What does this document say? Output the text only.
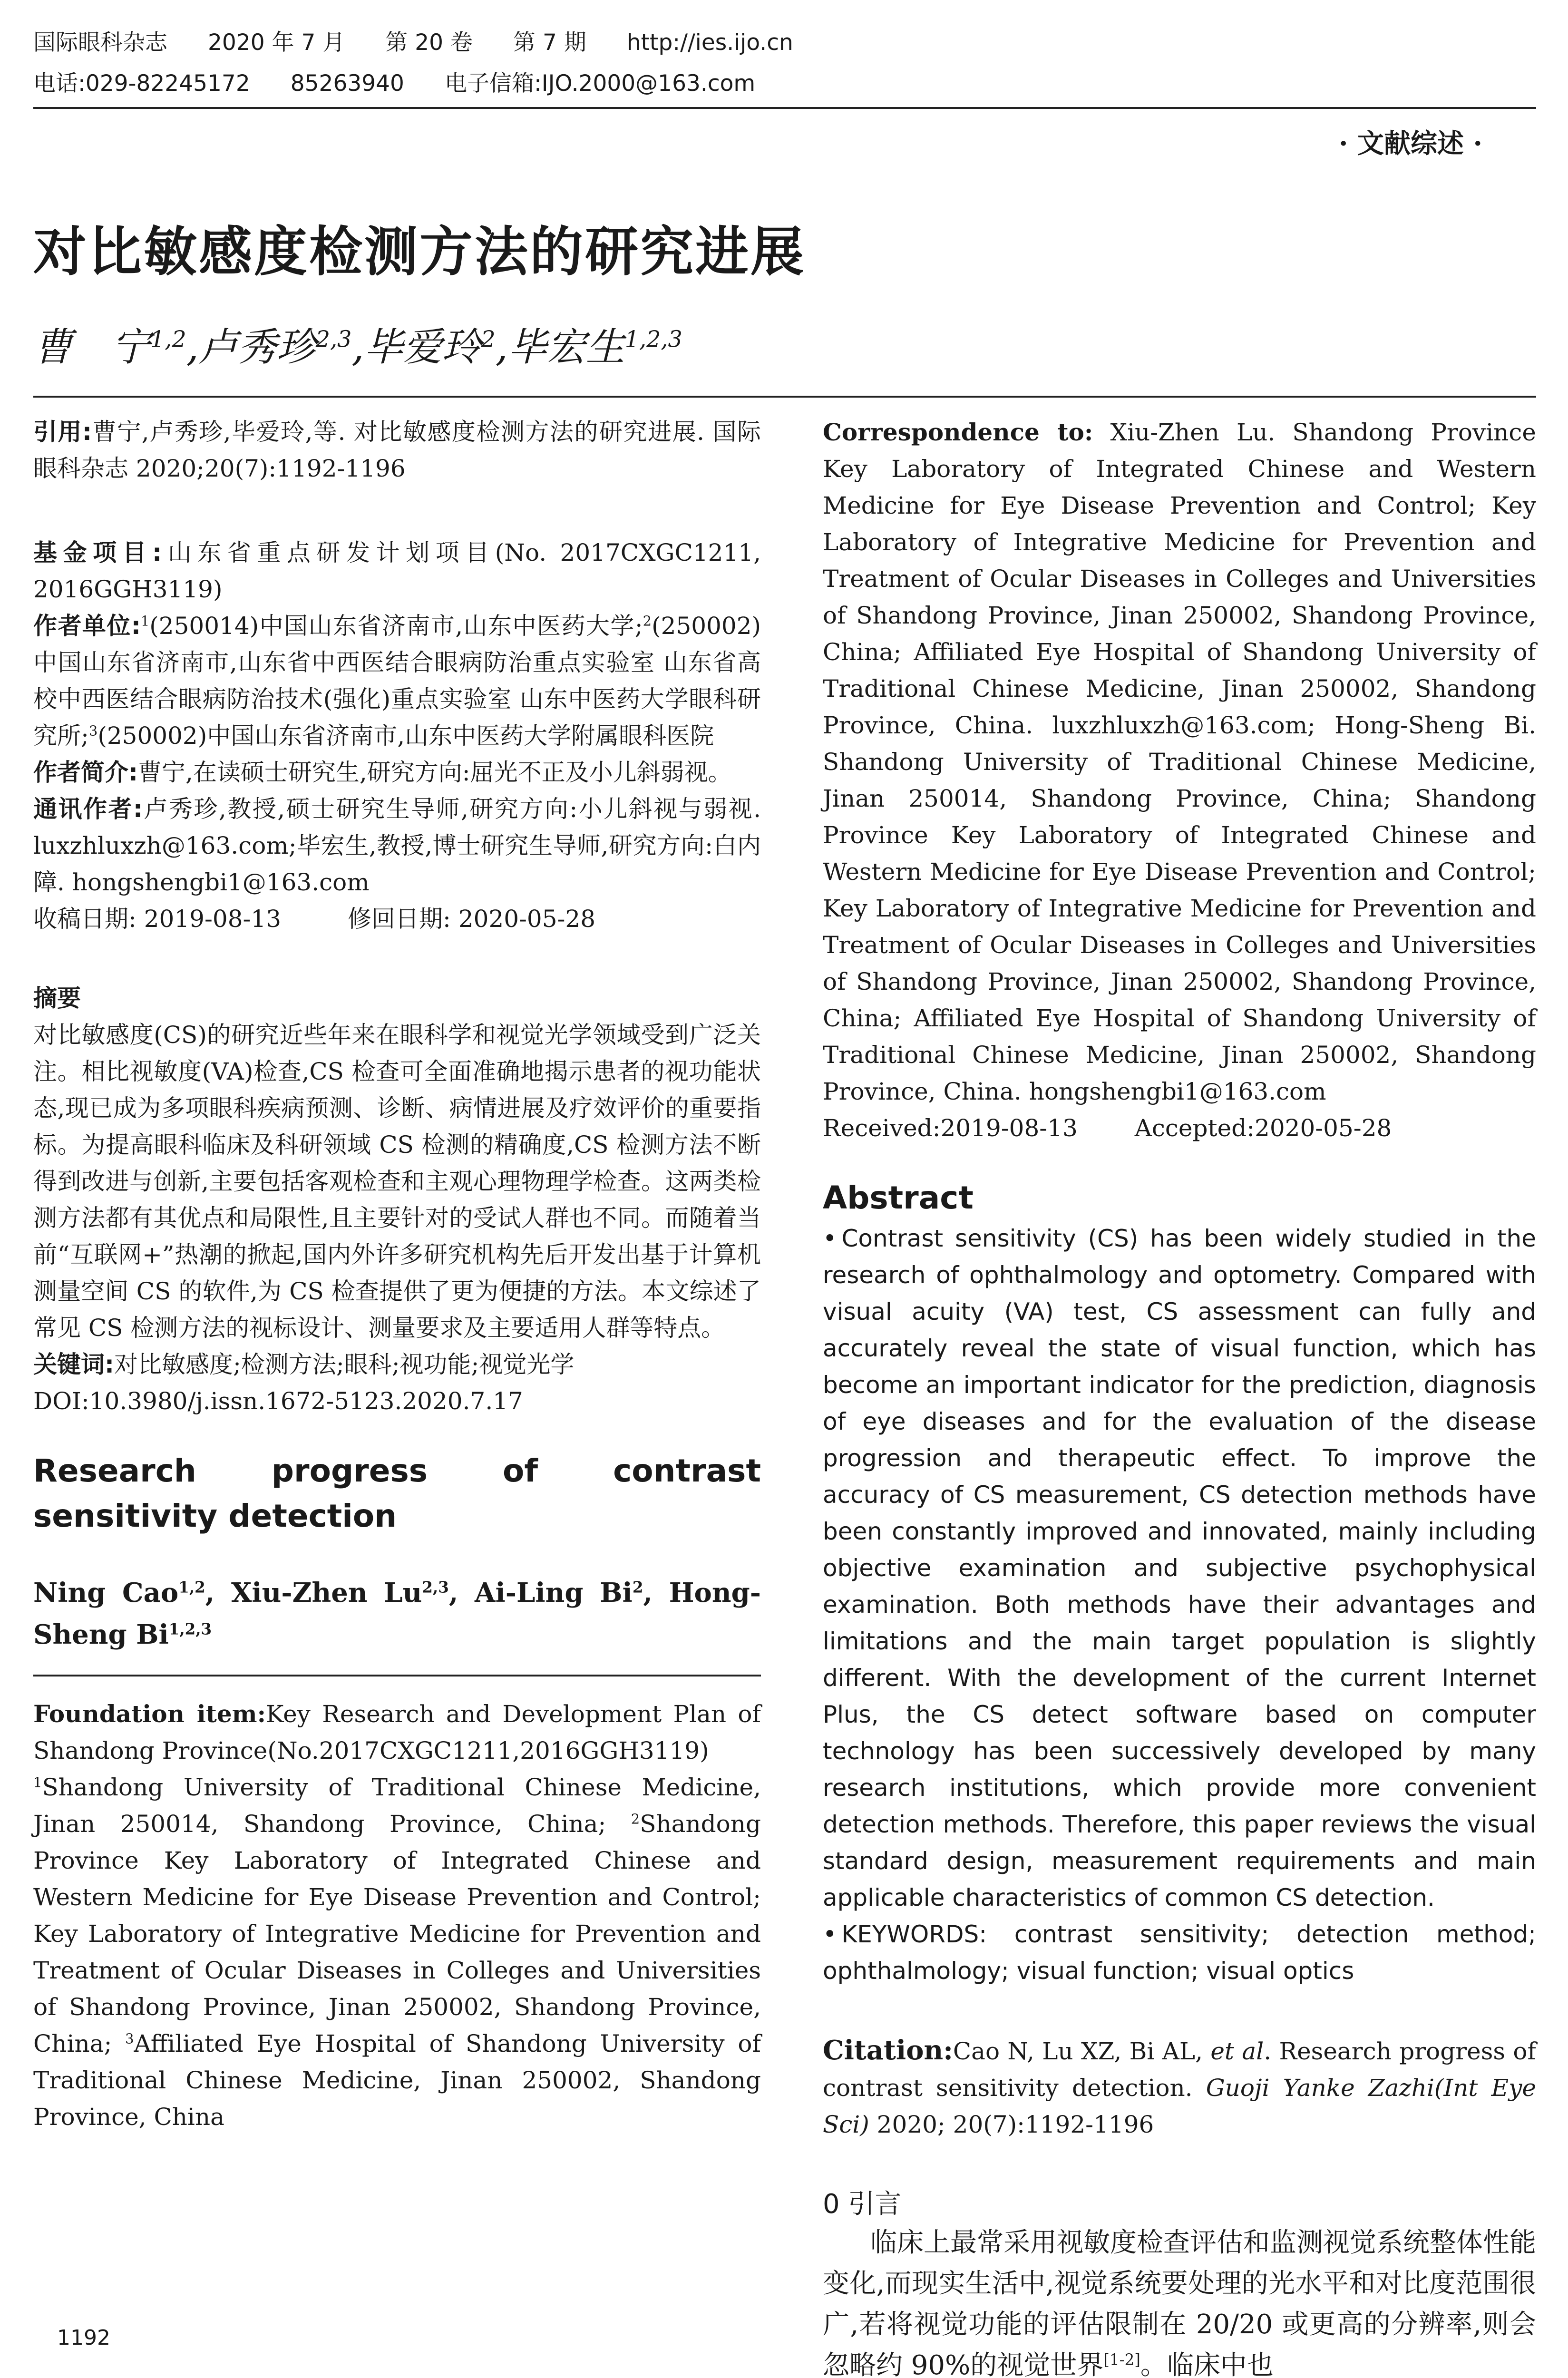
国际眼科杂志 2020 年 7 月 第 20 卷 第 7 期 http://ies.ijo.cn
电话:029-82245172 85263940 电子信箱:IJO.2000@163.com
· 文献综述 ·
对比敏感度检测方法的研究进展
曹　宁$^{1,2}$,卢秀珍$^{2,3}$,毕爱玲$^2$,毕宏生$^{1,2,3}$

引用:曹宁,卢秀珍,毕爱玲,等. 对比敏感度检测方法的研究进展. 国际眼科杂志 2020;20(7):1192-1196

基金项目:山东省重点研发计划项目(No. 2017CXGC1211, 2016GGH3119)

作者单位:$^1$(250014)中国山东省济南市,山东中医药大学;$^2$(250002)中国山东省济南市,山东省中西医结合眼病防治重点实验室 山东省高校中西医结合眼病防治技术(强化)重点实验室 山东中医药大学眼科研究所;$^3$(250002)中国山东省济南市,山东中医药大学附属眼科医院

作者简介:曹宁,在读硕士研究生,研究方向:屈光不正及小儿斜弱视。

通讯作者:卢秀珍,教授,硕士研究生导师,研究方向:小儿斜视与弱视. luxzhluxzh@163.com;毕宏生,教授,博士研究生导师,研究方向:白内障. hongshengbi1@163.com

收稿日期: 2019-08-13	修回日期: 2020-05-28

摘要

对比敏感度(CS)的研究近些年来在眼科学和视觉光学领域受到广泛关注。相比视敏度(VA)检查,CS 检查可全面准确地揭示患者的视功能状态,现已成为多项眼科疾病预测、诊断、病情进展及疗效评价的重要指标。为提高眼科临床及科研领域 CS 检测的精确度,CS 检测方法不断得到改进与创新,主要包括客观检查和主观心理物理学检查。这两类检测方法都有其优点和局限性,且主要针对的受试人群也不同。而随着当前“互联网+”热潮的掀起,国内外许多研究机构先后开发出基于计算机测量空间 CS 的软件,为 CS 检查提供了更为便捷的方法。本文综述了常见 CS 检测方法的视标设计、测量要求及主要适用人群等特点。

关键词:对比敏感度;检测方法;眼科;视功能;视觉光学

DOI:10.3980/j.issn.1672-5123.2020.7.17

Research progress of contrast sensitivity detection

Ning Cao$^{1,2}$, Xiu-Zhen Lu$^{2,3}$, Ai-Ling Bi$^2$, Hong-Sheng Bi$^{1,2,3}$

Foundation item:Key Research and Development Plan of Shandong Province(No.2017CXGC1211,2016GGH3119)

$^1$Shandong University of Traditional Chinese Medicine, Jinan 250014, Shandong Province, China; $^2$Shandong Province Key Laboratory of Integrated Chinese and Western Medicine for Eye Disease Prevention and Control; Key Laboratory of Integrative Medicine for Prevention and Treatment of Ocular Diseases in Colleges and Universities of Shandong Province, Jinan 250002, Shandong Province, China; $^3$Affiliated Eye Hospital of Shandong University of Traditional Chinese Medicine, Jinan 250002, Shandong Province, China

Correspondence to: Xiu-Zhen Lu. Shandong Province Key Laboratory of Integrated Chinese and Western Medicine for Eye Disease Prevention and Control; Key Laboratory of Integrative Medicine for Prevention and Treatment of Ocular Diseases in Colleges and Universities of Shandong Province, Jinan 250002, Shandong Province, China; Affiliated Eye Hospital of Shandong University of Traditional Chinese Medicine, Jinan 250002, Shandong Province, China. luxzhluxzh@163.com; Hong-Sheng Bi. Shandong University of Traditional Chinese Medicine, Jinan 250014, Shandong Province, China; Shandong Province Key Laboratory of Integrated Chinese and Western Medicine for Eye Disease Prevention and Control; Key Laboratory of Integrative Medicine for Prevention and Treatment of Ocular Diseases in Colleges and Universities of Shandong Province, Jinan 250002, Shandong Province, China; Affiliated Eye Hospital of Shandong University of Traditional Chinese Medicine, Jinan 250002, Shandong Province, China. hongshengbi1@163.com

Received:2019-08-13 Accepted:2020-05-28

Abstract

• Contrast sensitivity (CS) has been widely studied in the research of ophthalmology and optometry. Compared with visual acuity (VA) test, CS assessment can fully and accurately reveal the state of visual function, which has become an important indicator for the prediction, diagnosis of eye diseases and for the evaluation of the disease progression and therapeutic effect. To improve the accuracy of CS measurement, CS detection methods have been constantly improved and innovated, mainly including objective examination and subjective psychophysical examination. Both methods have their advantages and limitations and the main target population is slightly different. With the development of the current Internet Plus, the CS detect software based on computer technology has been successively developed by many research institutions, which provide more convenient detection methods. Therefore, this paper reviews the visual standard design, measurement requirements and main applicable characteristics of common CS detection.

• KEYWORDS: contrast sensitivity; detection method; ophthalmology; visual function; visual optics

Citation:Cao N, Lu XZ, Bi AL, et al. Research progress of contrast sensitivity detection. Guoji Yanke Zazhi(Int Eye Sci) 2020; 20(7):1192-1196

0 引言

临床上最常采用视敏度检查评估和监测视觉系统整体性能变化,而现实生活中,视觉系统要处理的光水平和对比度范围很广,若将视觉功能的评估限制在 20/20 或更高的分辨率,则会忽略约 90%的视觉世界[1-2]。临床中也

1192
